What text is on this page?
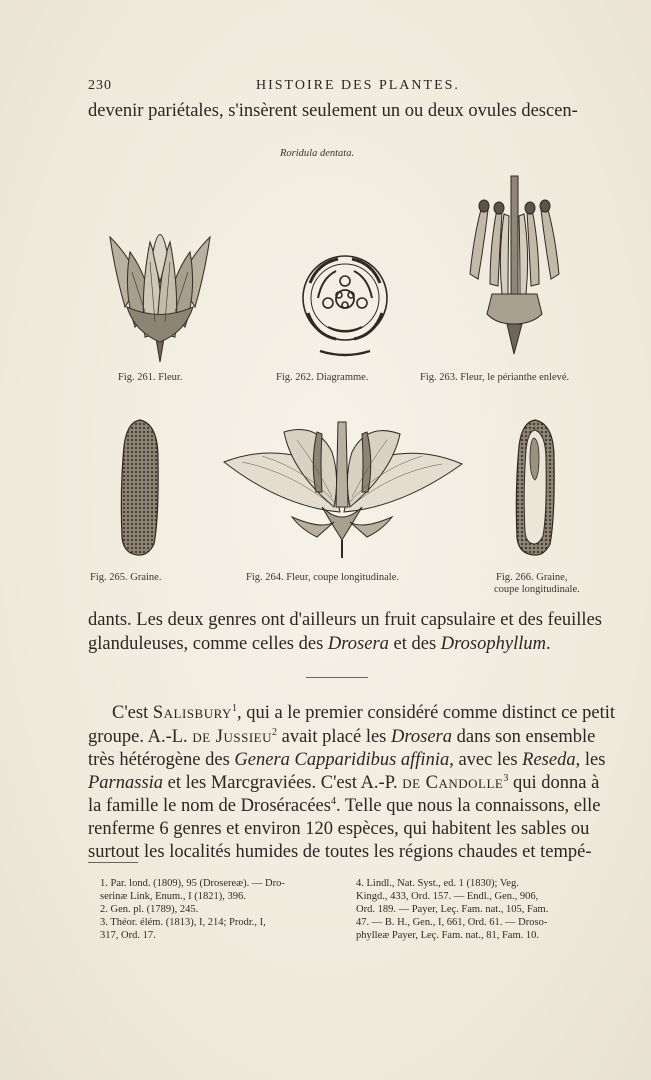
230	HISTOIRE DES PLANTES.
devenir pariétales, s'insèrent seulement un ou deux ovules descen-
Roridula dentata.
Fig. 261. Fleur.	Fig. 262. Diagramme.	Fig. 263. Fleur, le périanthe enlevé.
Fig. 265. Graine.	Fig. 264. Fleur, coupe longitudinale.	Fig. 266. Graine,
coupe longitudinale.
dants. Les deux genres ont d'ailleurs un fruit capsulaire et des feuilles
glanduleuses, comme celles des Drosera et des Drosophyllum.
C'est Salisbury$^1$, qui a le premier considéré comme distinct ce petit
groupe. A.-L. de Jussieu$^2$ avait placé les Drosera dans son ensemble
très hétérogène des Genera Capparidibus affinia, avec les Reseda, les
Parnassia et les Marcgraviées. C'est A.-P. de Candolle$^3$ qui donna à
la famille le nom de Droséracées$^4$. Telle que nous la connaissons, elle
renferme 6 genres et environ 120 espèces, qui habitent les sables ou
surtout les localités humides de toutes les régions chaudes et tempé-
1. Par. lond. (1809), 95 (Drosereæ). — Dro-
serinæ Link, Enum., I (1821), 396.
2. Gen. pl. (1789), 245.
3. Théor. élém. (1813), I, 214; Prodr., I,
317, Ord. 17.
4. Lindl., Nat. Syst., ed. 1 (1830); Veg.
Kingd., 433, Ord. 157. — Endl., Gen., 906,
Ord. 189. — Payer, Leç. Fam. nat., 105, Fam.
47. — B. H., Gen., I, 661, Ord. 61. — Droso-
phylleæ Payer, Leç. Fam. nat., 81, Fam. 10.
